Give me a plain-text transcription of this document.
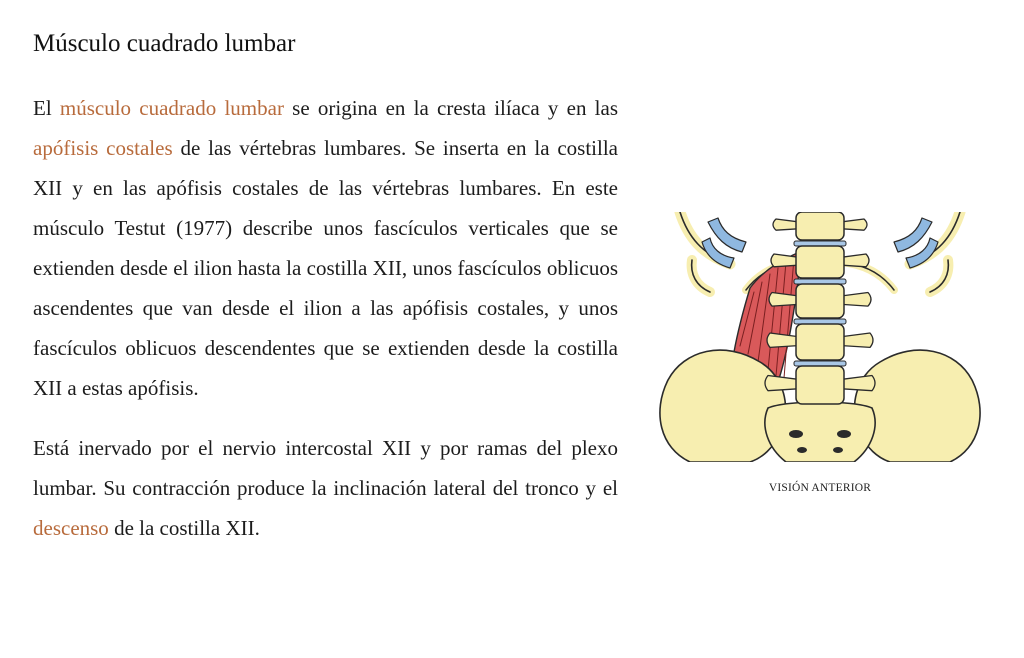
Músculo cuadrado lumbar

El músculo cuadrado lumbar se origina en la cresta ilíaca y en las apófisis costales de las vértebras lumbares. Se inserta en la costilla XII y en las apófisis costales de las vértebras lumbares. En este músculo Testut (1977) describe unos fascículos verticales que se extienden desde el ilion hasta la costilla XII, unos fascículos oblicuos ascendentes que van desde el ilion a las apófisis costales, y unos fascículos oblicuos descendentes que se extienden desde la costilla XII a estas apófisis.

Está inervado por el nervio intercostal XII y por ramas del plexo lumbar. Su contracción produce la inclinación lateral del tronco y el descenso de la costilla XII.

VISIÓN ANTERIOR
